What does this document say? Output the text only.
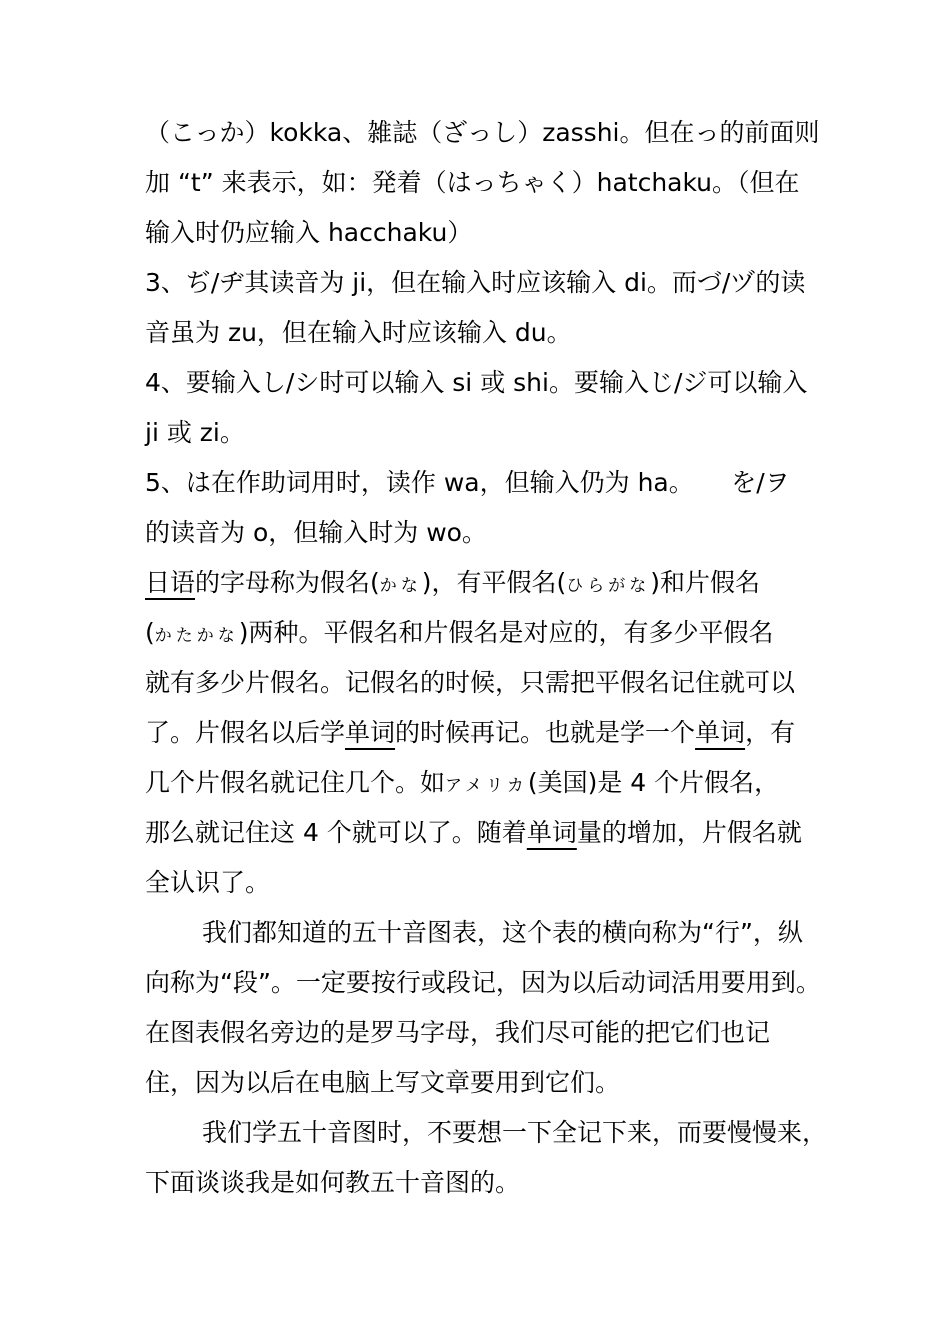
（こっか）kokka、雑誌（ざっし）zasshi。但在っ的前面则
加 “t” 来表示，如：発着（はっちゃく）hatchaku。（但在
输入时仍应输入 hacchaku）
3、ぢ/ヂ其读音为 ji，但在输入时应该输入 di。而づ/ヅ的读
音虽为 zu，但在输入时应该输入 du。
4、要输入し/シ时可以输入 si 或 shi。要输入じ/ジ可以输入
ji 或 zi。
5、は在作助词用时，读作 wa，但输入仍为 ha。　　を/ヲ
的读音为 o，但输入时为 wo。
日语的字母称为假名(かな)，有平假名(ひらがな)和片假名
(かたかな)两种。平假名和片假名是对应的，有多少平假名
就有多少片假名。记假名的时候，只需把平假名记住就可以
了。片假名以后学单词的时候再记。也就是学一个单词，有
几个片假名就记住几个。如アメリカ(美国)是 4 个片假名，
那么就记住这 4 个就可以了。随着单词量的增加，片假名就
全认识了。
我们都知道的五十音图表，这个表的横向称为“行”，纵
向称为“段”。一定要按行或段记，因为以后动词活用要用到。
在图表假名旁边的是罗马字母，我们尽可能的把它们也记
住，因为以后在电脑上写文章要用到它们。
我们学五十音图时，不要想一下全记下来，而要慢慢来，
下面谈谈我是如何教五十音图的。
